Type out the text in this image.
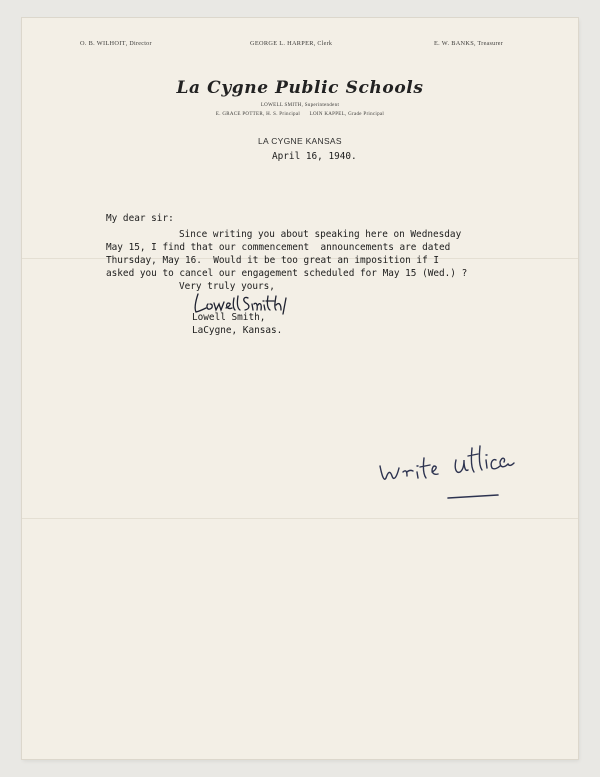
O. B. WILHOIT, Director	GEORGE L. HARPER, Clerk	E. W. BANKS, Treasurer
La Cygne Public Schools
LOWELL SMITH, Superintendent
E. GRACE POTTER, H. S. Principal LOIN KAPPEL, Grade Principal
LA CYGNE KANSAS
April 16, 1940.
My dear sir:
Since writing you about speaking here on Wednesday
May 15, I find that our commencement  announcements are dated
Thursday, May 16.  Would it be too great an imposition if I
asked you to cancel our engagement scheduled for May 15 (Wed.) ?
Very truly yours,
Lowell Smith,
LaCygne, Kansas.
